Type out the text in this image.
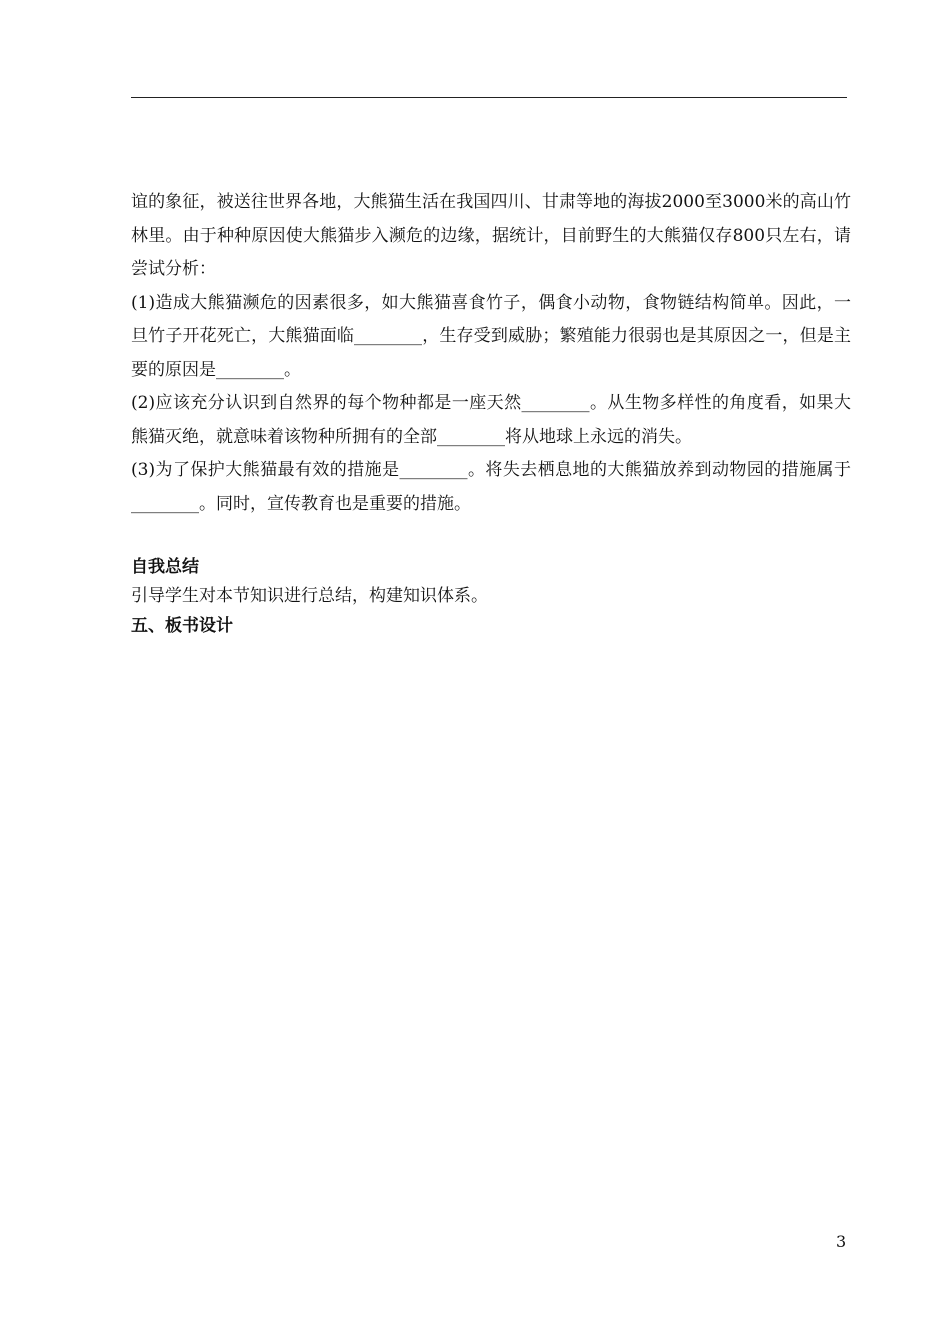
谊的象征，被送往世界各地，大熊猫生活在我国四川、甘肃等地的海拔2000至3000米的高山竹林里。由于种种原因使大熊猫步入濒危的边缘，据统计，目前野生的大熊猫仅存800只左右，请尝试分析：

(1)造成大熊猫濒危的因素很多，如大熊猫喜食竹子，偶食小动物，食物链结构简单。因此，一旦竹子开花死亡，大熊猫面临________，生存受到威胁；繁殖能力很弱也是其原因之一，但是主要的原因是________。

(2)应该充分认识到自然界的每个物种都是一座天然________。从生物多样性的角度看，如果大熊猫灭绝，就意味着该物种所拥有的全部________将从地球上永远的消失。

(3)为了保护大熊猫最有效的措施是________。将失去栖息地的大熊猫放养到动物园的措施属于________。同时，宣传教育也是重要的措施。

自我总结

引导学生对本节知识进行总结，构建知识体系。

五、板书设计

3
